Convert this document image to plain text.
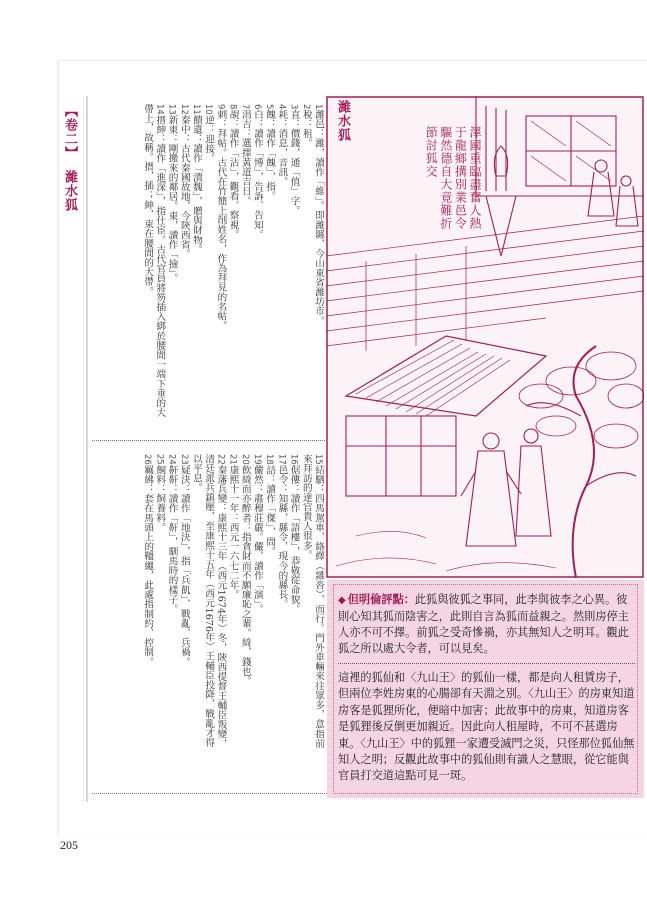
【卷二】 濰水狐
1濰邑：濰，讀作「維」。即濰縣，今山東省濰坊市。
2稅：租。
3直：價錢，通「值」字。
4耗：消息，音訊。
5餽：讀作「餽」，指。
6白：讀作「博」，告訴、告知。
7涓吉：選擇黃道吉日。
8覘：讀作「沾」，觀看、察視。
9刺：拜帖。古代在竹簡上削姓名，作為拜見的名帖。
10逆：迎接。
11饋遺：讀作「潰魏」，贈與財物。
12秦中：古代秦國故地，今陝西省。
13新東：剛搬來的鄰居。東，讀作「撿」。
14搢紳：讀作「進深」，指仕宦。古代官員將笏插入綁於腰間一端下垂的大帶上，故稱。搢，插；紳，束在腰間的大帶。
15結駟：四馬駕車，絡繹（雜沓），而行。門外車輛來往眾多，意指前來拜訪的達官貴人很多。
16倨僂：讀作「語樓」，恭敬從命貌。
17邑令：知縣，縣令，現今的縣長。
18詰：讀作「傑」，問。
19儼然：肅穆莊嚴。儼，讀作「演」。
20飲綺而亦醉者：指貪財而不願廉恥之輩。綺，錢也。
21康熙十一年：西元一六七二年。
22秦藩兵變：康熙十三年（西元1674年）冬，陝西提督王輔臣叛變，清廷派兵鎮壓，至康熙十五年（西元1676年）王輔臣投降，戰亂才得以平息。
23疑決：讀作「地決」，指「兵飢」，戰亂、兵禍。
24鼾鼾：讀作「鼾」，馴馬時的樣子。
25餇料：飼養料。
26羈紼：套在馬頭上的韁繩，此處指制約、控制。
濰水狐
澤國重臨盡奮人熱
于龍鄉搆別業邑令
驅然德自大竟難折
節討狐交
◆ 但明倫評點：此狐與彼狐之事同，此李與彼李之心異。彼則心知其狐而陰害之，此則自言為狐而益親之。然則房停主人亦不可不擇。前狐之受奇慘禍，亦其無知人之明耳。觀此狐之所以處大令者，可以見矣。
這裡的狐仙和〈九山王〉的狐仙一樣，都是向人租賃房子，但兩位李姓房東的心腸卻有天淵之別。〈九山王〉的房東知道房客是狐狸所化，便暗中加害；此故事中的房東，知道房客是狐狸後反倒更加親近。因此向人租屋時，不可不甚選房東。〈九山王〉中的狐狸一家遭受滅門之災，只怪那位狐仙無知人之明；反觀此故事中的狐仙則有識人之慧眼，從它能與官員打交道這點可見一斑。
205
